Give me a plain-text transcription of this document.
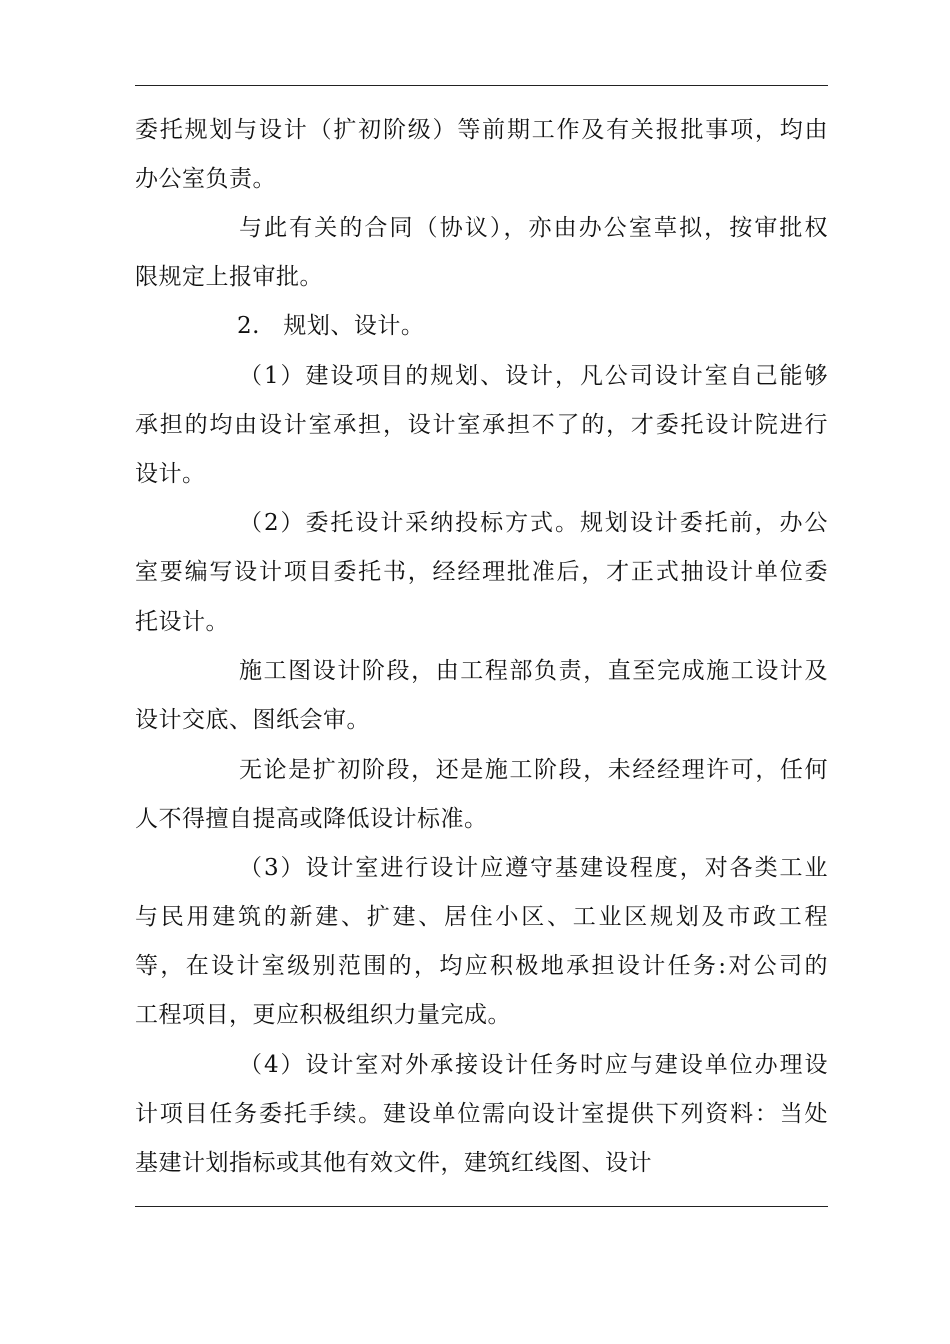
委托规划与设计（扩初阶级）等前期工作及有关报批事项，均由
办公室负责。
与此有关的合同（协议），亦由办公室草拟，按审批权
限规定上报审批。
2.   规划、设计。
（1）建设项目的规划、设计，凡公司设计室自己能够
承担的均由设计室承担，设计室承担不了的，才委托设计院进行
设计。
（2）委托设计采纳投标方式。规划设计委托前，办公
室要编写设计项目委托书，经经理批准后，才正式抽设计单位委
托设计。
施工图设计阶段，由工程部负责，直至完成施工设计及
设计交底、图纸会审。
无论是扩初阶段，还是施工阶段，未经经理许可，任何
人不得擅自提高或降低设计标准。
（3）设计室进行设计应遵守基建设程度，对各类工业
与民用建筑的新建、扩建、居住小区、工业区规划及市政工程
等，在设计室级别范围的，均应积极地承担设计任务:对公司的
工程项目，更应积极组织力量完成。
（4）设计室对外承接设计任务时应与建设单位办理设
计项目任务委托手续。建设单位需向设计室提供下列资料：当处
基建计划指标或其他有效文件，建筑红线图、设计
